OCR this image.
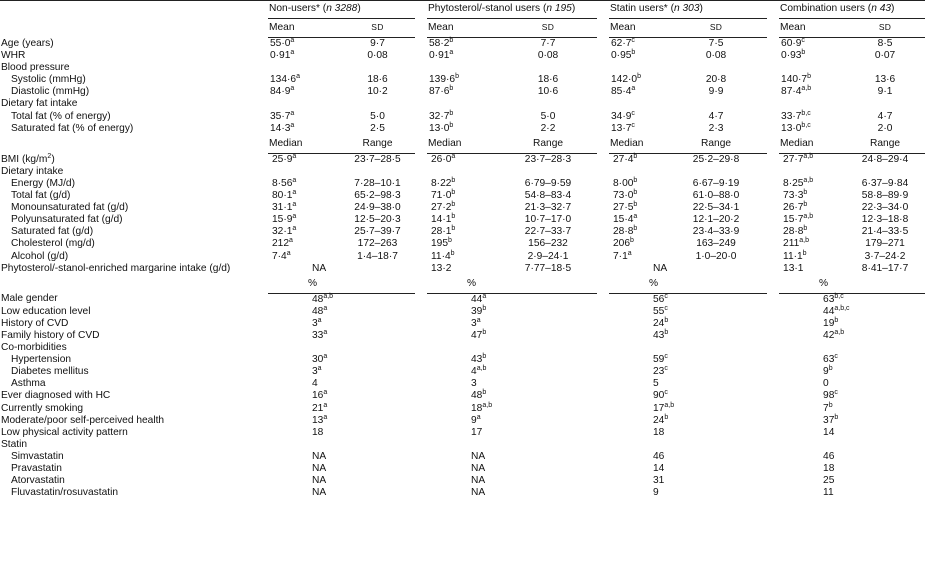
	Non-users* (n 3288)			Phytosterol/-stanol users (n 195)			Statin users* (n 303)			Combination users (n 43)	
	Mean	SD		Mean	SD		Mean	SD		Mean	SD
Age (years)	$55\cdot 0^a$	9·7		$58\cdot 2^b$	7·7		$62\cdot 7^c$	7·5		$60\cdot 9^c$	8·5
WHR	$0\cdot 91^a$	0·08		$0\cdot 91^a$	0·08		$0\cdot 95^b$	0·08		$0\cdot 93^b$	0·07
Blood pressure											
Systolic (mmHg)	$134\cdot 6^a$	18·6		$139\cdot 6^b$	18·6		$142\cdot 0^b$	20·8		$140\cdot 7^b$	13·6
Diastolic (mmHg)	$84\cdot 9^a$	10·2		$87\cdot 6^b$	10·6		$85\cdot 4^a$	9·9		$87\cdot 4^{a,b}$	9·1
Dietary fat intake											
Total fat (% of energy)	$35\cdot 7^a$	5·0		$32\cdot 7^b$	5·0		$34\cdot 9^c$	4·7		$33\cdot 7^{b,c}$	4·7
Saturated fat (% of energy)	$14\cdot 3^a$	2·5		$13\cdot 0^b$	2·2		$13\cdot 7^c$	2·3		$13\cdot 0^{b,c}$	2·0
	Median	Range		Median	Range		Median	Range		Median	Range
BMI $(kg/m^2)$	$25\cdot 9^a$	23·7–28·5		$26\cdot 0^a$	23·7–28·3		$27\cdot 4^b$	25·2–29·8		$27\cdot 7^{a,b}$	24·8–29·4
Dietary intake											
Energy (MJ/d)	$8\cdot 56^a$	7·28–10·1		$8\cdot 22^b$	6·79–9·59		$8\cdot 00^b$	6·67–9·19		$8\cdot 25^{a,b}$	6·37–9·84
Total fat (g/d)	$80\cdot 1^a$	65·2–98·3		$71\cdot 0^b$	54·8–83·4		$73\cdot 0^b$	61·0–88·0		$73\cdot 3^b$	58·8–89·9
Monounsaturated fat (g/d)	$31\cdot 1^a$	24·9–38·0		$27\cdot 2^b$	21·3–32·7		$27\cdot 5^b$	22·5–34·1		$26\cdot 7^b$	22·3–34·0
Polyunsaturated fat (g/d)	$15\cdot 9^a$	12·5–20·3		$14\cdot 1^b$	10·7–17·0		$15\cdot 4^a$	12·1–20·2		$15\cdot 7^{a,b}$	12·3–18·8
Saturated fat (g/d)	$32\cdot 1^a$	25·7–39·7		$28\cdot 1^b$	22·7–33·7		$28\cdot 8^b$	23·4–33·9		$28\cdot 8^b$	21·4–33·5
Cholesterol (mg/d)	212$^a$	172–263		195$^b$	156–232		206$^b$	163–249		211$^{a,b}$	179–271
Alcohol (g/d)	$7\cdot 4^a$	1·4–18·7		$11\cdot 4^b$	2·9–24·1		$7\cdot 1^a$	1·0–20·0		$11\cdot 1^b$	3·7–24·2
Phytosterol/-stanol-enriched margarine intake (g/d)	NA			13·2	7·77–18·5		NA			13·1	8·41–17·7
	%			%			%			%	
Male gender	48$^{a,b}$			44$^a$			56$^c$			63$^{b,c}$
Low education level	48$^a$			39$^b$			55$^c$			44$^{a,b,c}$
History of CVD	3$^a$			3$^a$			24$^b$			19$^b$
Family history of CVD	33$^a$			47$^b$			43$^b$			42$^{a,b}$
Co-morbidities											
Hypertension	30$^a$			43$^b$			59$^c$			63$^c$
Diabetes mellitus	3$^a$			4$^{a,b}$			23$^c$			9$^b$
Asthma	4			3			5			0	
Ever diagnosed with HC	16$^a$			48$^b$			90$^c$			98$^c$
Currently smoking	21$^a$			18$^{a,b}$			17$^{a,b}$			7$^b$
Moderate/poor self-perceived health	13$^a$			9$^a$			24$^b$			37$^b$
Low physical activity pattern	18			17			18			14	
Statin											
Simvastatin	NA			NA			46			46	
Pravastatin	NA			NA			14			18	
Atorvastatin	NA			NA			31			25	
Fluvastatin/rosuvastatin	NA			NA			9			11	
